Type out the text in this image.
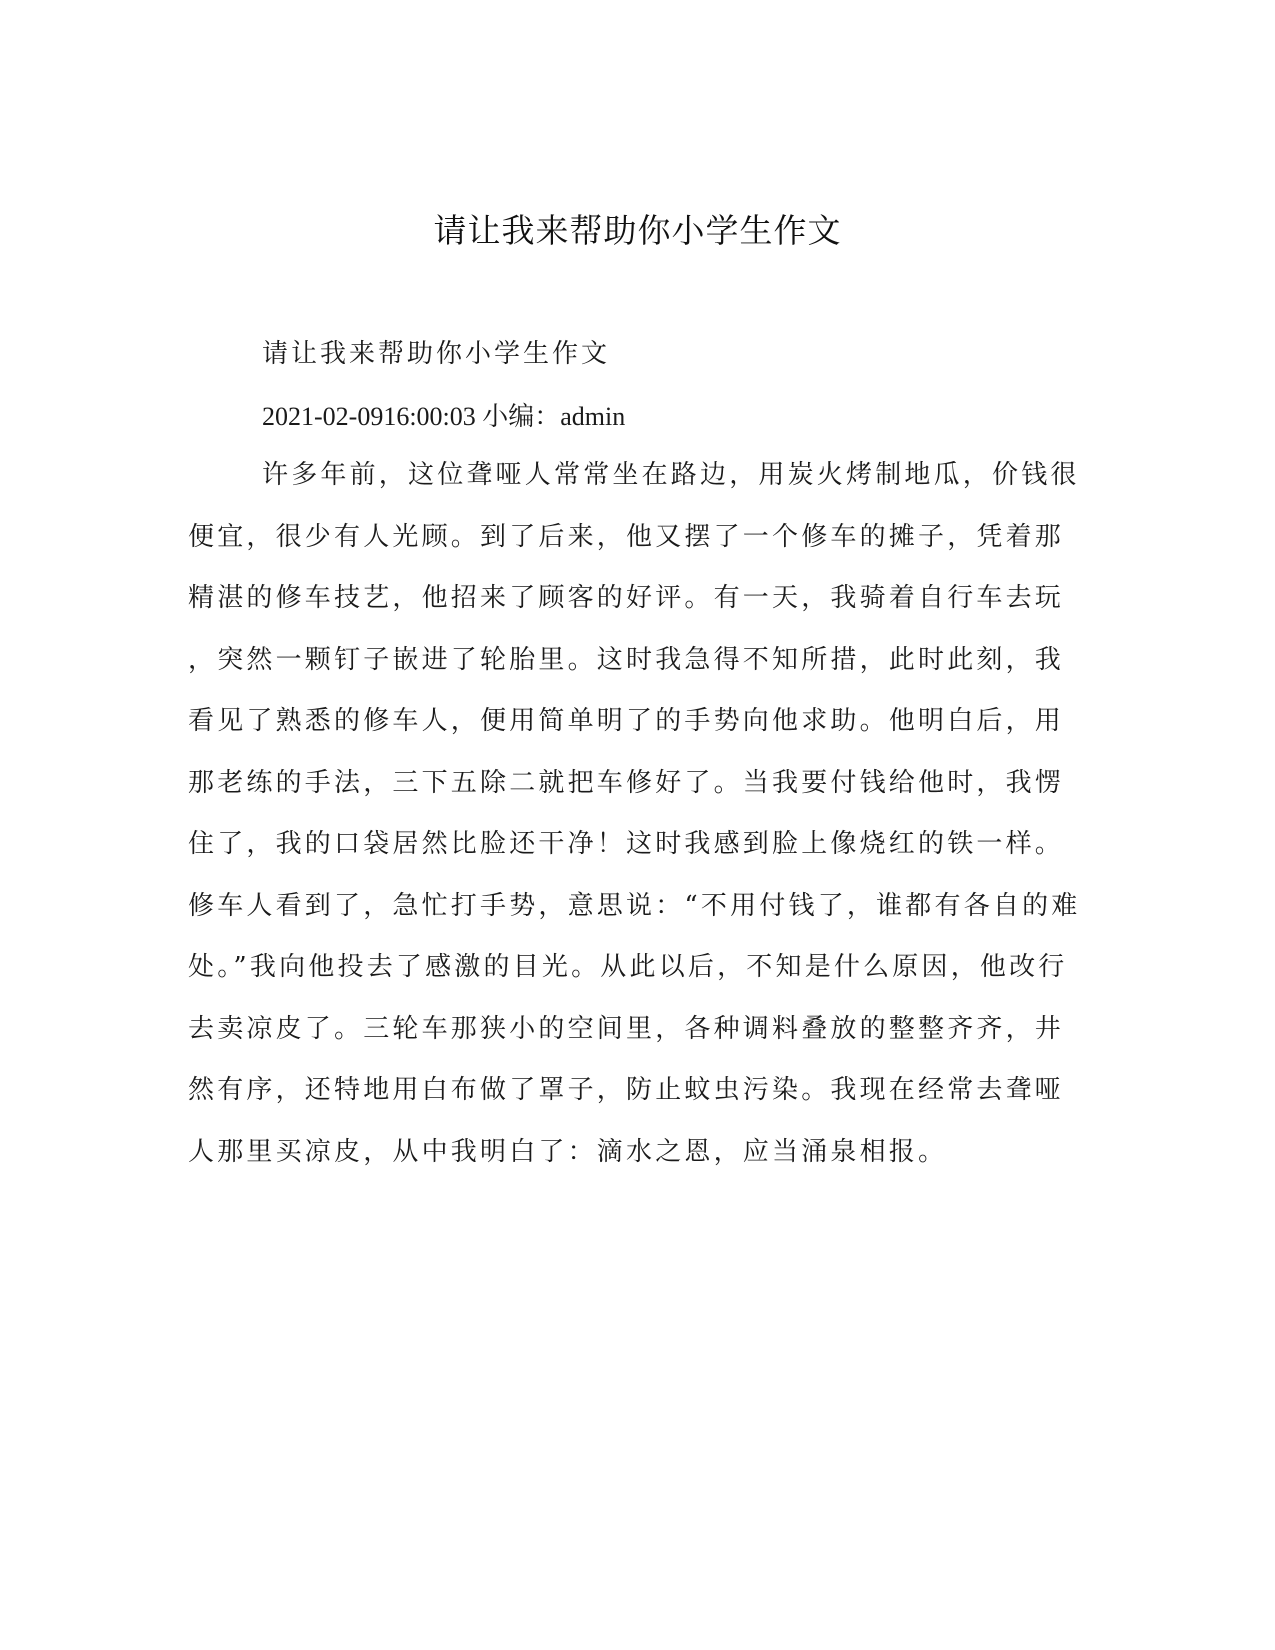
请让我来帮助你小学生作文

请让我来帮助你小学生作文

2021-02-0916:00:03 小编：admin

许多年前，这位聋哑人常常坐在路边，用炭火烤制地瓜，价钱很
便宜，很少有人光顾。到了后来，他又摆了一个修车的摊子，凭着那
精湛的修车技艺，他招来了顾客的好评。有一天，我骑着自行车去玩
，突然一颗钉子嵌进了轮胎里。这时我急得不知所措，此时此刻，我
看见了熟悉的修车人，便用简单明了的手势向他求助。他明白后，用
那老练的手法，三下五除二就把车修好了。当我要付钱给他时，我愣
住了，我的口袋居然比脸还干净！这时我感到脸上像烧红的铁一样。
修车人看到了，急忙打手势，意思说：“不用付钱了，谁都有各自的难
处。”我向他投去了感激的目光。从此以后，不知是什么原因，他改行
去卖凉皮了。三轮车那狭小的空间里，各种调料叠放的整整齐齐，井
然有序，还特地用白布做了罩子，防止蚊虫污染。我现在经常去聋哑
人那里买凉皮，从中我明白了：滴水之恩，应当涌泉相报。
